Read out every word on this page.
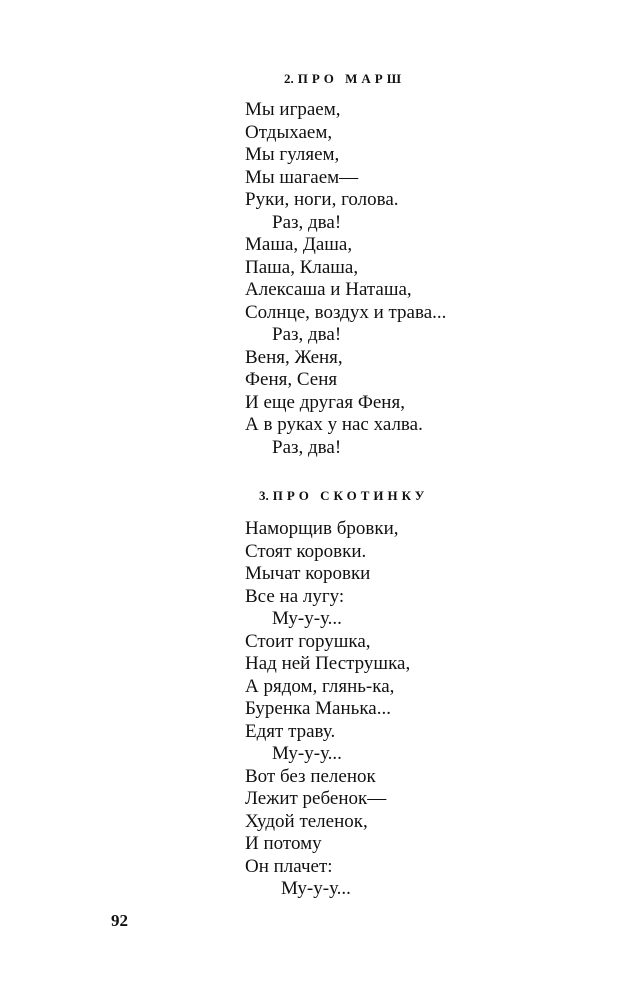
2. ПРО МАРШ
Мы играем,
Отдыхаем,
Мы гуляем,
Мы шагаем—
Руки, ноги, голова.
Раз, два!
Маша, Даша,
Паша, Клаша,
Алексаша и Наташа,
Солнце, воздух и трава...
Раз, два!
Веня, Женя,
Феня, Сеня
И еще другая Феня,
А в руках у нас халва.
Раз, два!
3. ПРО СКОТИНКУ
Наморщив бровки,
Стоят коровки.
Мычат коровки
Все на лугу:
Му-у-у...
Стоит горушка,
Над ней Пеструшка,
А рядом, глянь-ка,
Буренка Манька...
Едят траву.
Му-у-у...
Вот без пеленок
Лежит ребенок—
Худой теленок,
И потому
Он плачет:
Му-у-у...
92
